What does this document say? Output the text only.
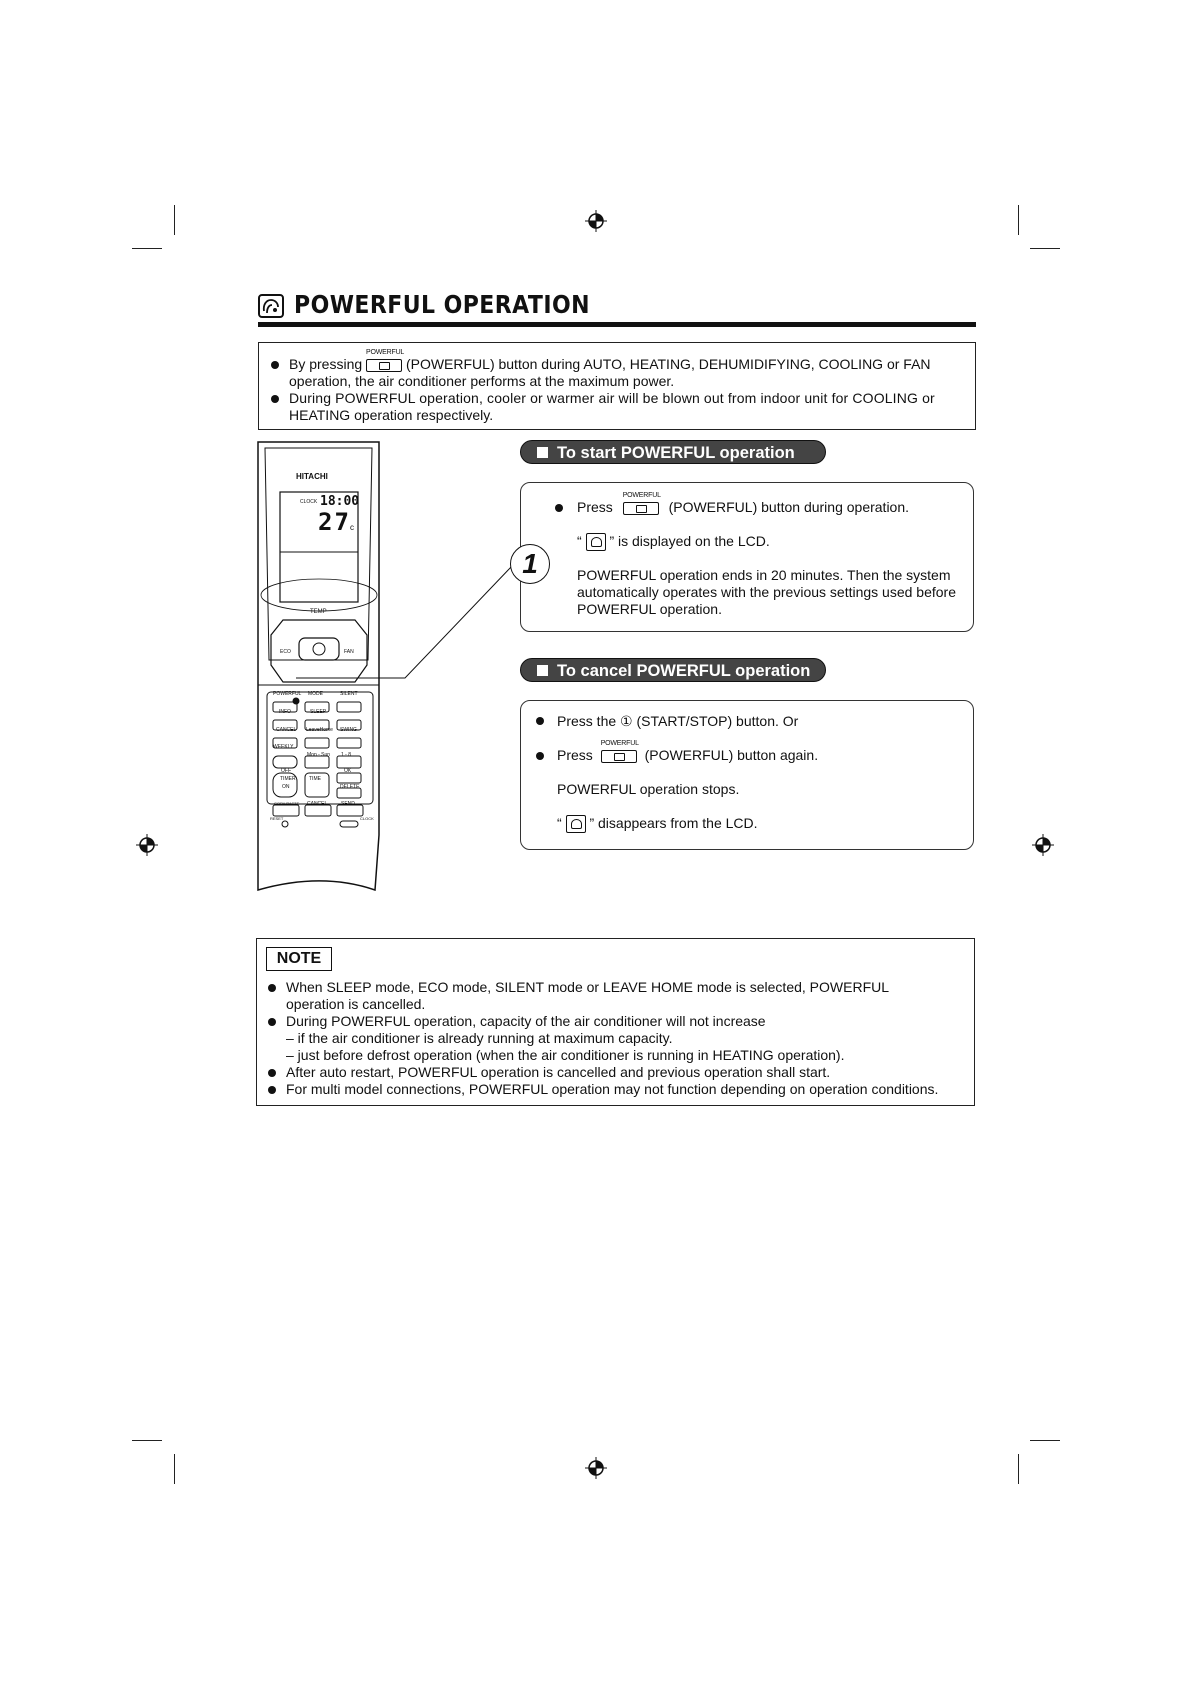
POWERFUL OPERATION
By pressing
POWERFUL
(POWERFUL) button during AUTO, HEATING, DEHUMIDIFYING, COOLING or FAN
operation, the air conditioner performs at the maximum power.
During POWERFUL operation, cooler or warmer air will be blown out from indoor unit for COOLING or
HEATING operation respectively.
HITACHI
CLOCK 18:00
27 c
TEMP
ECO	FAN
POWERFUL MODE	SILENT
INFO	SLEEP
CANCEL LeaveHome SWING
WEEKLY
Mon - Sun 1 - 8
OFF
TIMER	TIME
OK
ON	DELETE
COPY/PASTE CANCEL	SEND
RESET	CLOCK
To start POWERFUL operation
1
Press
POWERFUL
(POWERFUL) button during operation.
“ ” is displayed on the LCD.
POWERFUL operation ends in 20 minutes. Then the system
automatically operates with the previous settings used before
POWERFUL operation.
To cancel POWERFUL operation
Press the ① (START/STOP) button. Or
Press
POWERFUL
(POWERFUL) button again.
POWERFUL operation stops.
“ ” disappears from the LCD.
NOTE
When SLEEP mode, ECO mode, SILENT mode or LEAVE HOME mode is selected, POWERFUL
operation is cancelled.
During POWERFUL operation, capacity of the air conditioner will not increase
– if the air conditioner is already running at maximum capacity.
– just before defrost operation (when the air conditioner is running in HEATING operation).
After auto restart, POWERFUL operation is cancelled and previous operation shall start.
For multi model connections, POWERFUL operation may not function depending on operation conditions.
